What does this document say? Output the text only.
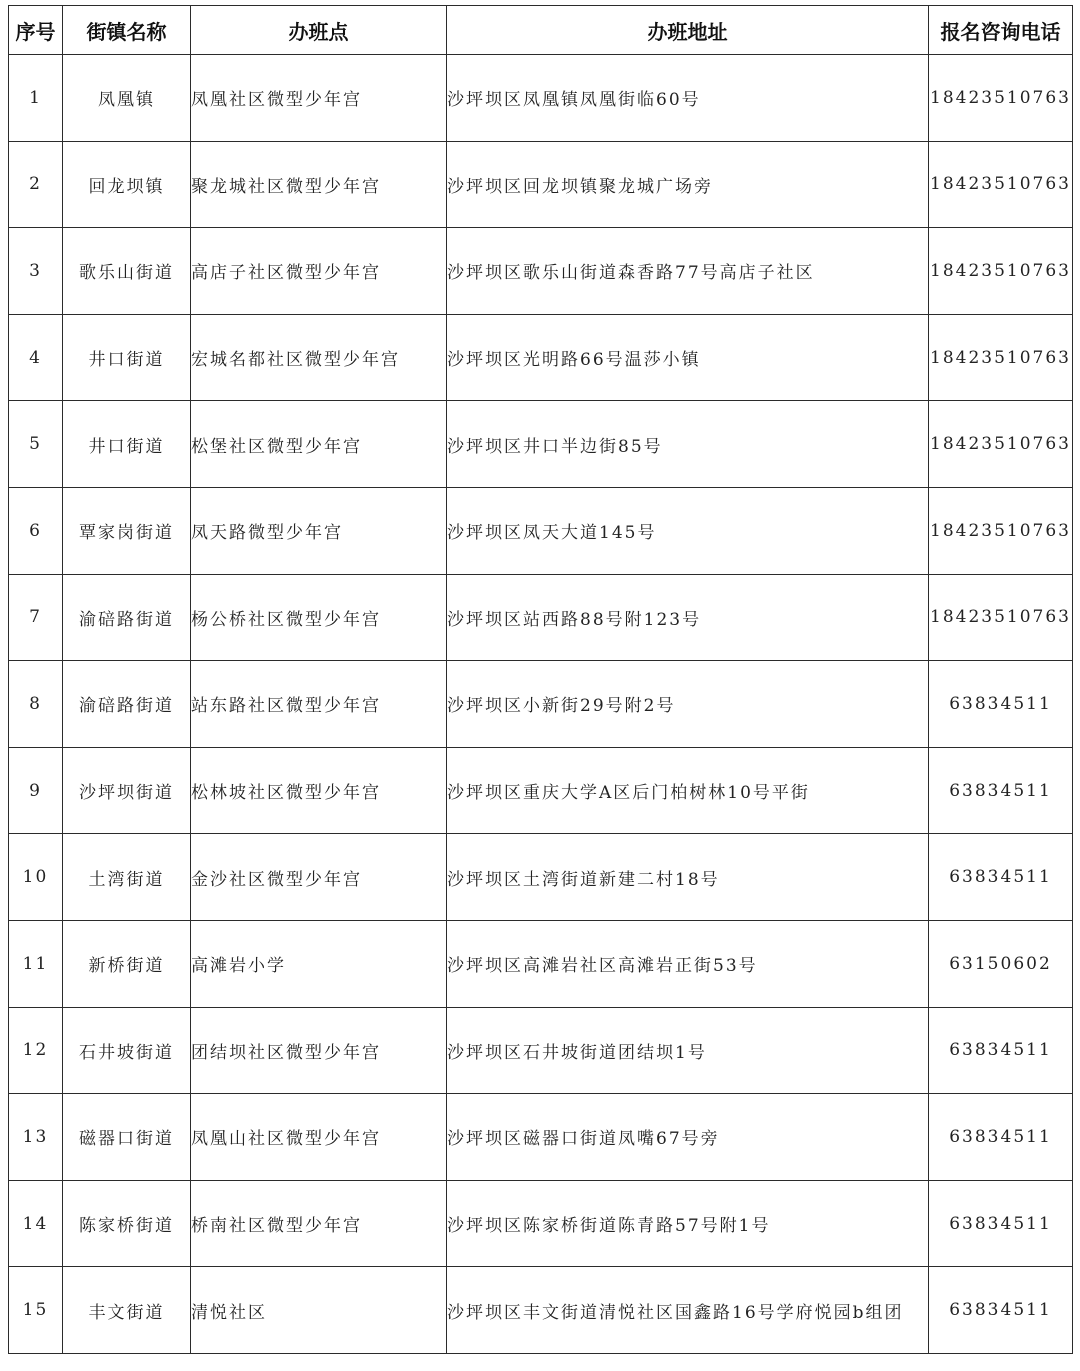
序号	街镇名称	办班点	办班地址	报名咨询电话
1	凤凰镇	凤凰社区微型少年宫	沙坪坝区凤凰镇凤凰街临60号	18423510763
2	回龙坝镇	聚龙城社区微型少年宫	沙坪坝区回龙坝镇聚龙城广场旁	18423510763
3	歌乐山街道	高店子社区微型少年宫	沙坪坝区歌乐山街道森香路77号高店子社区	18423510763
4	井口街道	宏城名都社区微型少年宫	沙坪坝区光明路66号温莎小镇	18423510763
5	井口街道	松堡社区微型少年宫	沙坪坝区井口半边街85号	18423510763
6	覃家岗街道	凤天路微型少年宫	沙坪坝区凤天大道145号	18423510763
7	渝碚路街道	杨公桥社区微型少年宫	沙坪坝区站西路88号附123号	18423510763
8	渝碚路街道	站东路社区微型少年宫	沙坪坝区小新街29号附2号	63834511
9	沙坪坝街道	松林坡社区微型少年宫	沙坪坝区重庆大学A区后门柏树林10号平街	63834511
10	土湾街道	金沙社区微型少年宫	沙坪坝区土湾街道新建二村18号	63834511
11	新桥街道	高滩岩小学	沙坪坝区高滩岩社区高滩岩正街53号	63150602
12	石井坡街道	团结坝社区微型少年宫	沙坪坝区石井坡街道团结坝1号	63834511
13	磁器口街道	凤凰山社区微型少年宫	沙坪坝区磁器口街道凤嘴67号旁	63834511
14	陈家桥街道	桥南社区微型少年宫	沙坪坝区陈家桥街道陈青路57号附1号	63834511
15	丰文街道	清悦社区	沙坪坝区丰文街道清悦社区国鑫路16号学府悦园b组团	63834511
